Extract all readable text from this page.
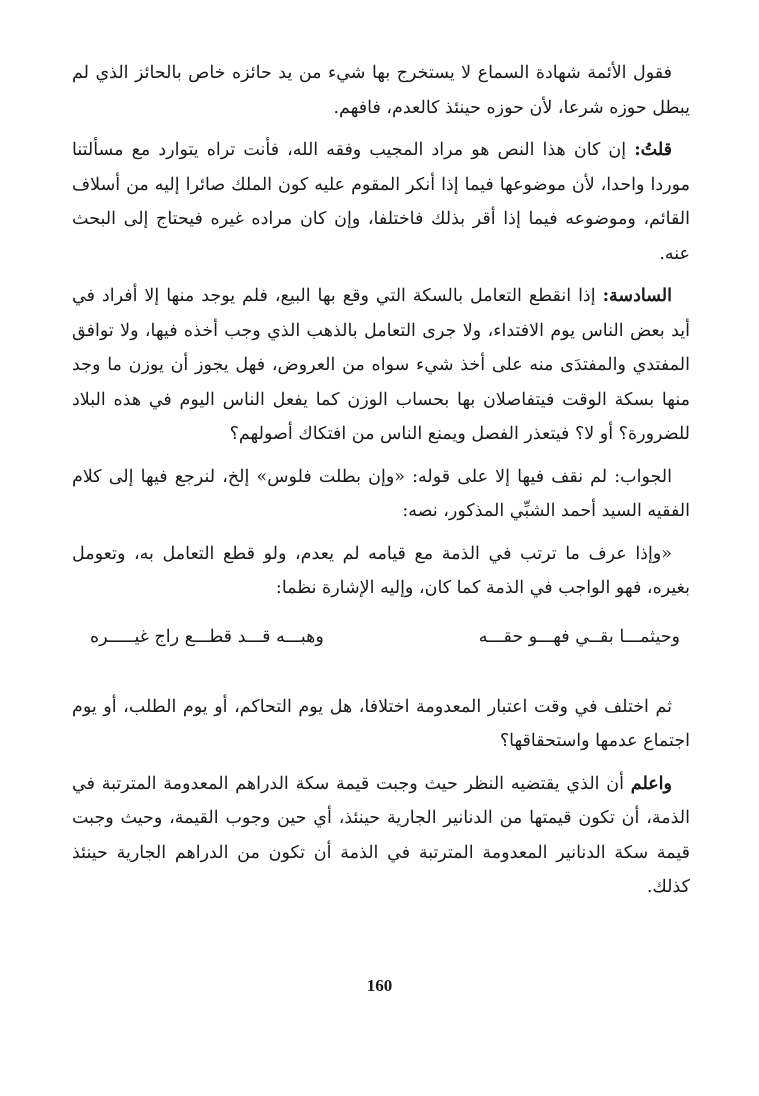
فقول الأئمة شهادة السماع لا يستخرج بها شيء من يد حائزه خاص بالحائز الذي لم يبطل حوزه شرعا، لأن حوزه حينئذ كالعدم، فافهم.

قلتُ: إن كان هذا النص هو مراد المجيب وفقه الله، فأنت تراه يتوارد مع مسألتنا موردا واحدا، لأن موضوعها فيما إذا أنكر المقوم عليه كون الملك صائرا إليه من أسلاف القائم، وموضوعه فيما إذا أقر بذلك فاختلفا، وإن كان مراده غيره فيحتاج إلى البحث عنه.

السادسة: إذا انقطع التعامل بالسكة التي وقع بها البيع، فلم يوجد منها إلا أفراد في أيد بعض الناس يوم الافتداء، ولا جرى التعامل بالذهب الذي وجب أخذه فيها، ولا توافق المفتدي والمفتدَى منه على أخذ شيء سواه من العروض، فهل يجوز أن يوزن ما وجد منها بسكة الوقت فيتفاصلان بها بحساب الوزن كما يفعل الناس اليوم في هذه البلاد للضرورة؟ أو لا؟ فيتعذر الفصل ويمنع الناس من افتكاك أصولهم؟

الجواب: لم نقف فيها إلا على قوله: «وإن بطلت فلوس» إلخ، لنرجع فيها إلى كلام الفقيه السيد أحمد الشبِّي المذكور، نصه:

«وإذا عرف ما ترتب في الذمة مع قيامه لم يعدم، ولو قطع التعامل به، وتعومل بغيره، فهو الواجب في الذمة كما كان، وإليه الإشارة نظما:

وحيثمـــا بقــي فهـــو حقـــه
وهبـــه قـــد قطـــع راج غيـــــره

ثم اختلف في وقت اعتبار المعدومة اختلافا، هل يوم التحاكم، أو يوم الطلب، أو يوم اجتماع عدمها واستحقاقها؟

واعلم أن الذي يقتضيه النظر حيث وجبت قيمة سكة الدراهم المعدومة المترتبة في الذمة، أن تكون قيمتها من الدنانير الجارية حينئذ، أي حين وجوب القيمة، وحيث وجبت قيمة سكة الدنانير المعدومة المترتبة في الذمة أن تكون من الدراهم الجارية حينئذ كذلك.

160
